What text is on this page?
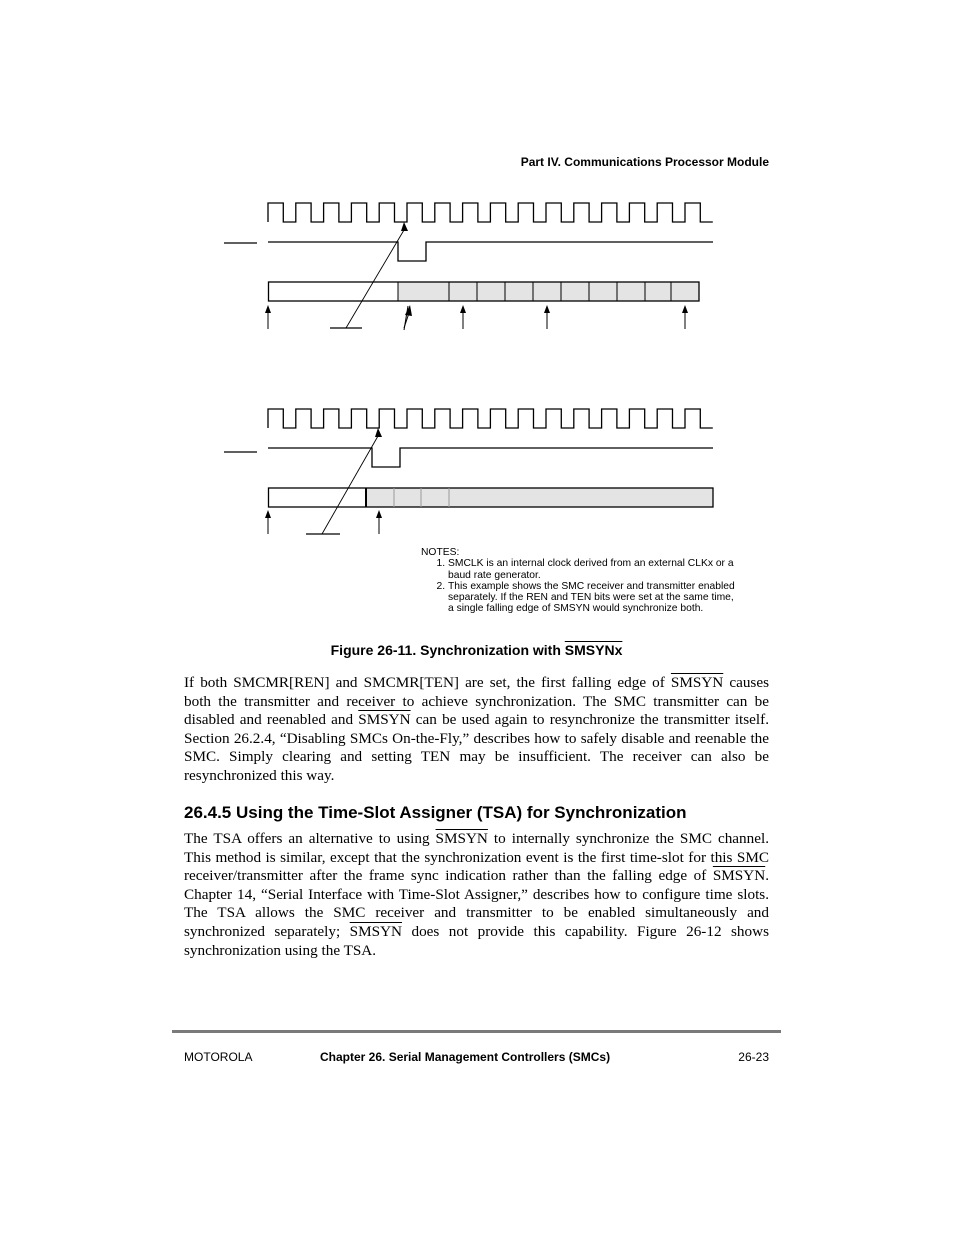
Part IV. Communications Processor Module
NOTES:
1. SMCLK is an internal clock derived from an external CLKx or a baud rate generator.
2. This example shows the SMC receiver and transmitter enabled separately. If the REN and TEN bits were set at the same time, a single falling edge of SMSYN would synchronize both.
Figure 26-11. Synchronization with SMSYNx
If both SMCMR[REN] and SMCMR[TEN] are set, the first falling edge of SMSYN causes both the transmitter and receiver to achieve synchronization. The SMC transmitter can be disabled and reenabled and SMSYN can be used again to resynchronize the transmitter itself. Section 26.2.4, “Disabling SMCs On-the-Fly,” describes how to safely disable and reenable the SMC. Simply clearing and setting TEN may be insufficient. The receiver can also be resynchronized this way.
26.4.5 Using the Time-Slot Assigner (TSA) for Synchronization
The TSA offers an alternative to using SMSYN to internally synchronize the SMC channel. This method is similar, except that the synchronization event is the first time-slot for this SMC receiver/transmitter after the frame sync indication rather than the falling edge of SMSYN. Chapter 14, “Serial Interface with Time-Slot Assigner,” describes how to configure time slots. The TSA allows the SMC receiver and transmitter to be enabled simultaneously and synchronized separately; SMSYN does not provide this capability. Figure 26-12 shows synchronization using the TSA.
MOTOROLA	Chapter 26. Serial Management Controllers (SMCs)	26-23
